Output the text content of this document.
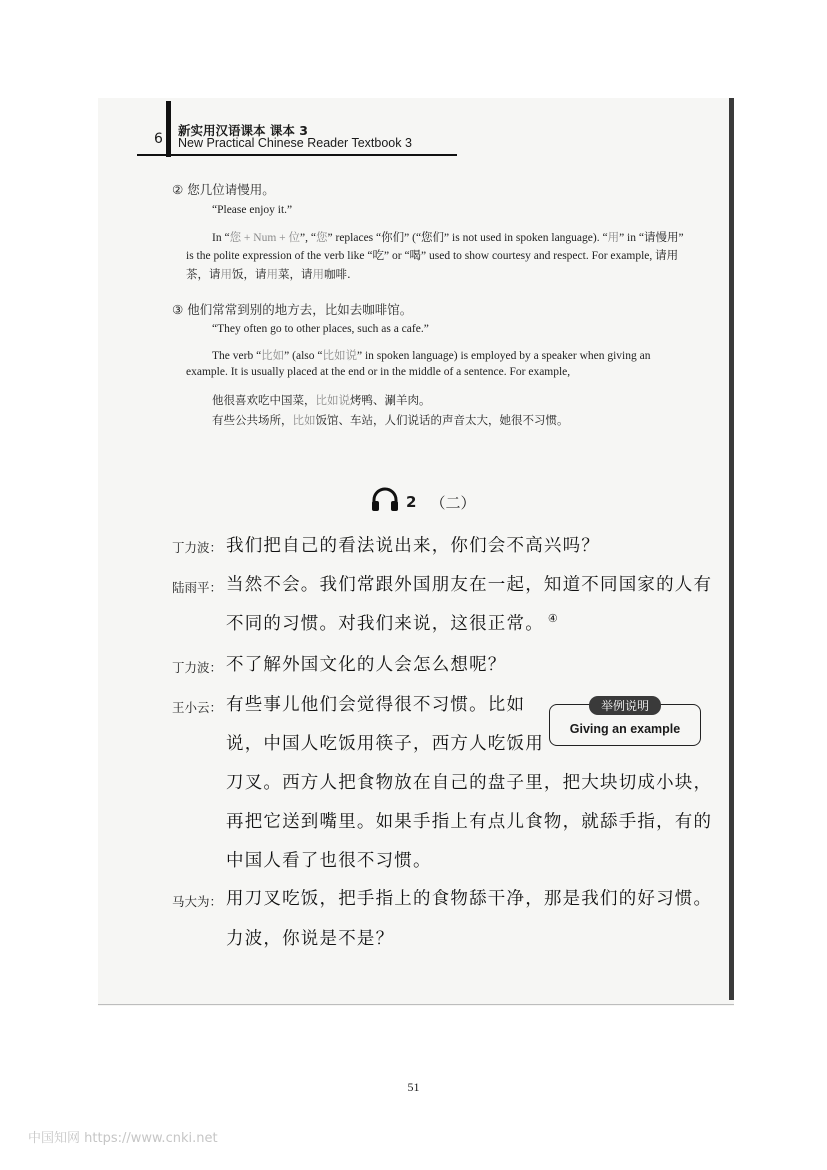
6
新实用汉语课本 课本 3
New Practical Chinese Reader Textbook 3
② 您几位请慢用。
“Please enjoy it.”
In “您 + Num + 位”, “您” replaces “你们” (“您们” is not used in spoken language). “用” in “请慢用”
is the polite expression of the verb like “吃” or “喝” used to show courtesy and respect. For example, 请用
茶，请用饭，请用菜，请用咖啡.
③ 他们常常到别的地方去，比如去咖啡馆。
“They often go to other places, such as a cafe.”
The verb “比如” (also “比如说” in spoken language) is employed by a speaker when giving an
example. It is usually placed at the end or in the middle of a sentence. For example,
他很喜欢吃中国菜，比如说烤鸭、涮羊肉。
有些公共场所，比如饭馆、车站，人们说话的声音太大，她很不习惯。
2 （二）
丁力波： 我们把自己的看法说出来，你们会不高兴吗？
陆雨平： 当然不会。我们常跟外国朋友在一起，知道不同国家的人有
不同的习惯。对我们来说，这很正常。 ④
丁力波： 不了解外国文化的人会怎么想呢？
王小云： 有些事儿他们会觉得很不习惯。比如
说，中国人吃饭用筷子，西方人吃饭用
刀叉。西方人把食物放在自己的盘子里，把大块切成小块，
再把它送到嘴里。如果手指上有点儿食物，就舔手指，有的
中国人看了也很不习惯。
马大为： 用刀叉吃饭，把手指上的食物舔干净，那是我们的好习惯。
力波，你说是不是？
举例说明
Giving an example
51
中国知网 https://www.cnki.net
